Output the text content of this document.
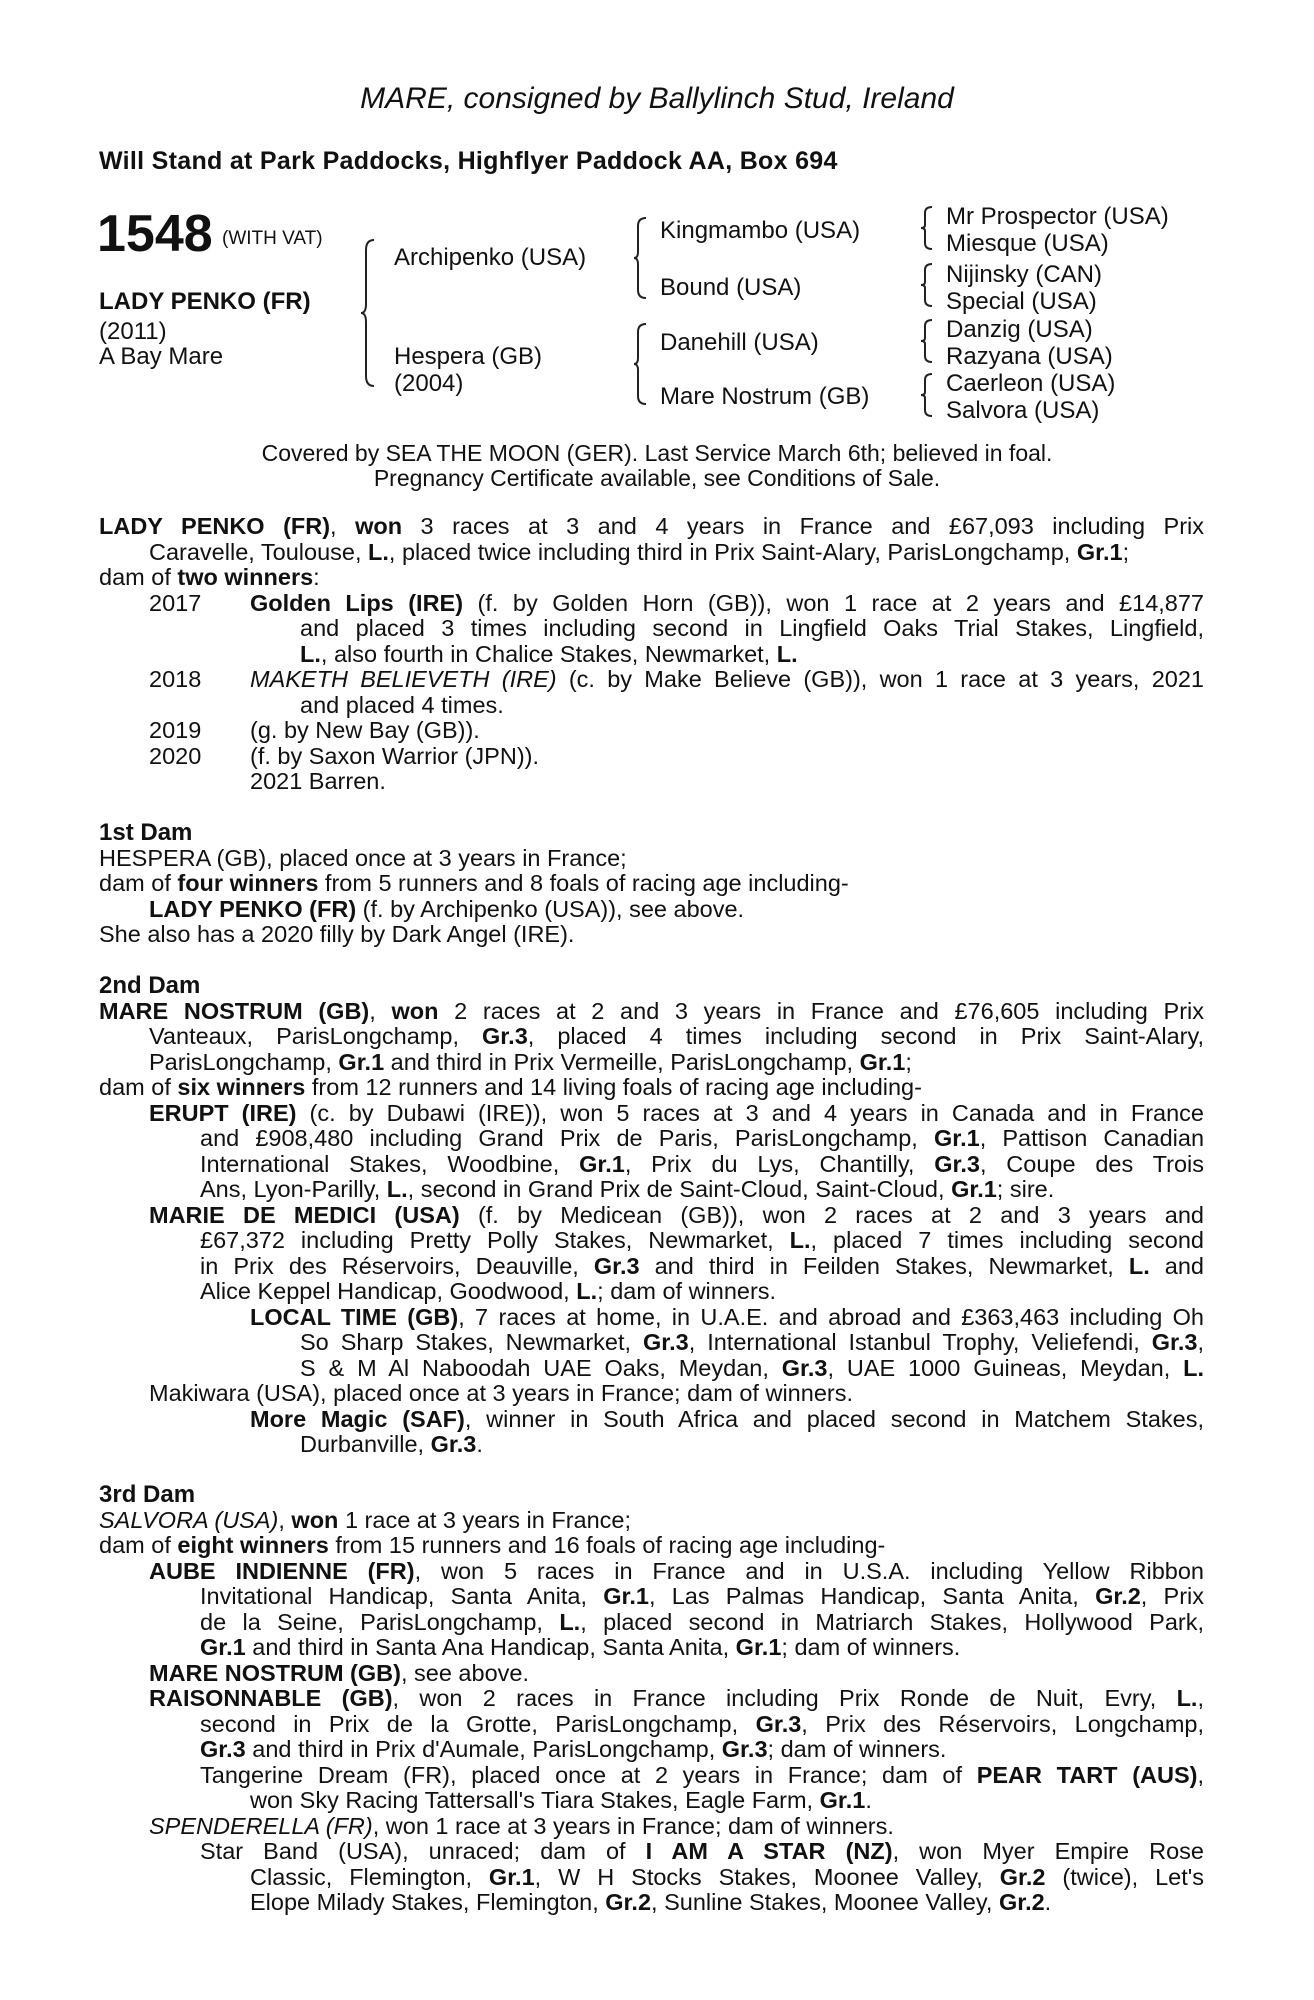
MARE, consigned by Ballylinch Stud, Ireland
Will Stand at Park Paddocks, Highflyer Paddock AA, Box 694
1548 (WITH VAT)
LADY PENKO (FR)
(2011)
A Bay Mare
Archipenko (USA)
Hespera (GB)
(2004)
Kingmambo (USA)
Bound (USA)
Danehill (USA)
Mare Nostrum (GB)
Mr Prospector (USA)
Miesque (USA)
Nijinsky (CAN)
Special (USA)
Danzig (USA)
Razyana (USA)
Caerleon (USA)
Salvora (USA)
Covered by SEA THE MOON (GER). Last Service March 6th; believed in foal.
Pregnancy Certificate available, see Conditions of Sale.
LADY PENKO (FR), won 3 races at 3 and 4 years in France and £67,093 including Prix
Caravelle, Toulouse, L., placed twice including third in Prix Saint-Alary, ParisLongchamp, Gr.1;
dam of two winners:
2017 Golden Lips (IRE) (f. by Golden Horn (GB)), won 1 race at 2 years and £14,877
and placed 3 times including second in Lingfield Oaks Trial Stakes, Lingfield,
L., also fourth in Chalice Stakes, Newmarket, L.
2018 MAKETH BELIEVETH (IRE) (c. by Make Believe (GB)), won 1 race at 3 years, 2021
and placed 4 times.
2019 (g. by New Bay (GB)).
2020 (f. by Saxon Warrior (JPN)).
2021 Barren.
1st Dam
HESPERA (GB), placed once at 3 years in France;
dam of four winners from 5 runners and 8 foals of racing age including-
LADY PENKO (FR) (f. by Archipenko (USA)), see above.
She also has a 2020 filly by Dark Angel (IRE).
2nd Dam
MARE NOSTRUM (GB), won 2 races at 2 and 3 years in France and £76,605 including Prix
Vanteaux, ParisLongchamp, Gr.3, placed 4 times including second in Prix Saint-Alary,
ParisLongchamp, Gr.1 and third in Prix Vermeille, ParisLongchamp, Gr.1;
dam of six winners from 12 runners and 14 living foals of racing age including-
ERUPT (IRE) (c. by Dubawi (IRE)), won 5 races at 3 and 4 years in Canada and in France
and £908,480 including Grand Prix de Paris, ParisLongchamp, Gr.1, Pattison Canadian
International Stakes, Woodbine, Gr.1, Prix du Lys, Chantilly, Gr.3, Coupe des Trois
Ans, Lyon-Parilly, L., second in Grand Prix de Saint-Cloud, Saint-Cloud, Gr.1; sire.
MARIE DE MEDICI (USA) (f. by Medicean (GB)), won 2 races at 2 and 3 years and
£67,372 including Pretty Polly Stakes, Newmarket, L., placed 7 times including second
in Prix des Réservoirs, Deauville, Gr.3 and third in Feilden Stakes, Newmarket, L. and
Alice Keppel Handicap, Goodwood, L.; dam of winners.
LOCAL TIME (GB), 7 races at home, in U.A.E. and abroad and £363,463 including Oh
So Sharp Stakes, Newmarket, Gr.3, International Istanbul Trophy, Veliefendi, Gr.3,
S & M Al Naboodah UAE Oaks, Meydan, Gr.3, UAE 1000 Guineas, Meydan, L.
Makiwara (USA), placed once at 3 years in France; dam of winners.
More Magic (SAF), winner in South Africa and placed second in Matchem Stakes,
Durbanville, Gr.3.
3rd Dam
SALVORA (USA), won 1 race at 3 years in France;
dam of eight winners from 15 runners and 16 foals of racing age including-
AUBE INDIENNE (FR), won 5 races in France and in U.S.A. including Yellow Ribbon
Invitational Handicap, Santa Anita, Gr.1, Las Palmas Handicap, Santa Anita, Gr.2, Prix
de la Seine, ParisLongchamp, L., placed second in Matriarch Stakes, Hollywood Park,
Gr.1 and third in Santa Ana Handicap, Santa Anita, Gr.1; dam of winners.
MARE NOSTRUM (GB), see above.
RAISONNABLE (GB), won 2 races in France including Prix Ronde de Nuit, Evry, L.,
second in Prix de la Grotte, ParisLongchamp, Gr.3, Prix des Réservoirs, Longchamp,
Gr.3 and third in Prix d'Aumale, ParisLongchamp, Gr.3; dam of winners.
Tangerine Dream (FR), placed once at 2 years in France; dam of PEAR TART (AUS),
won Sky Racing Tattersall's Tiara Stakes, Eagle Farm, Gr.1.
SPENDERELLA (FR), won 1 race at 3 years in France; dam of winners.
Star Band (USA), unraced; dam of I AM A STAR (NZ), won Myer Empire Rose
Classic, Flemington, Gr.1, W H Stocks Stakes, Moonee Valley, Gr.2 (twice), Let's
Elope Milady Stakes, Flemington, Gr.2, Sunline Stakes, Moonee Valley, Gr.2.
